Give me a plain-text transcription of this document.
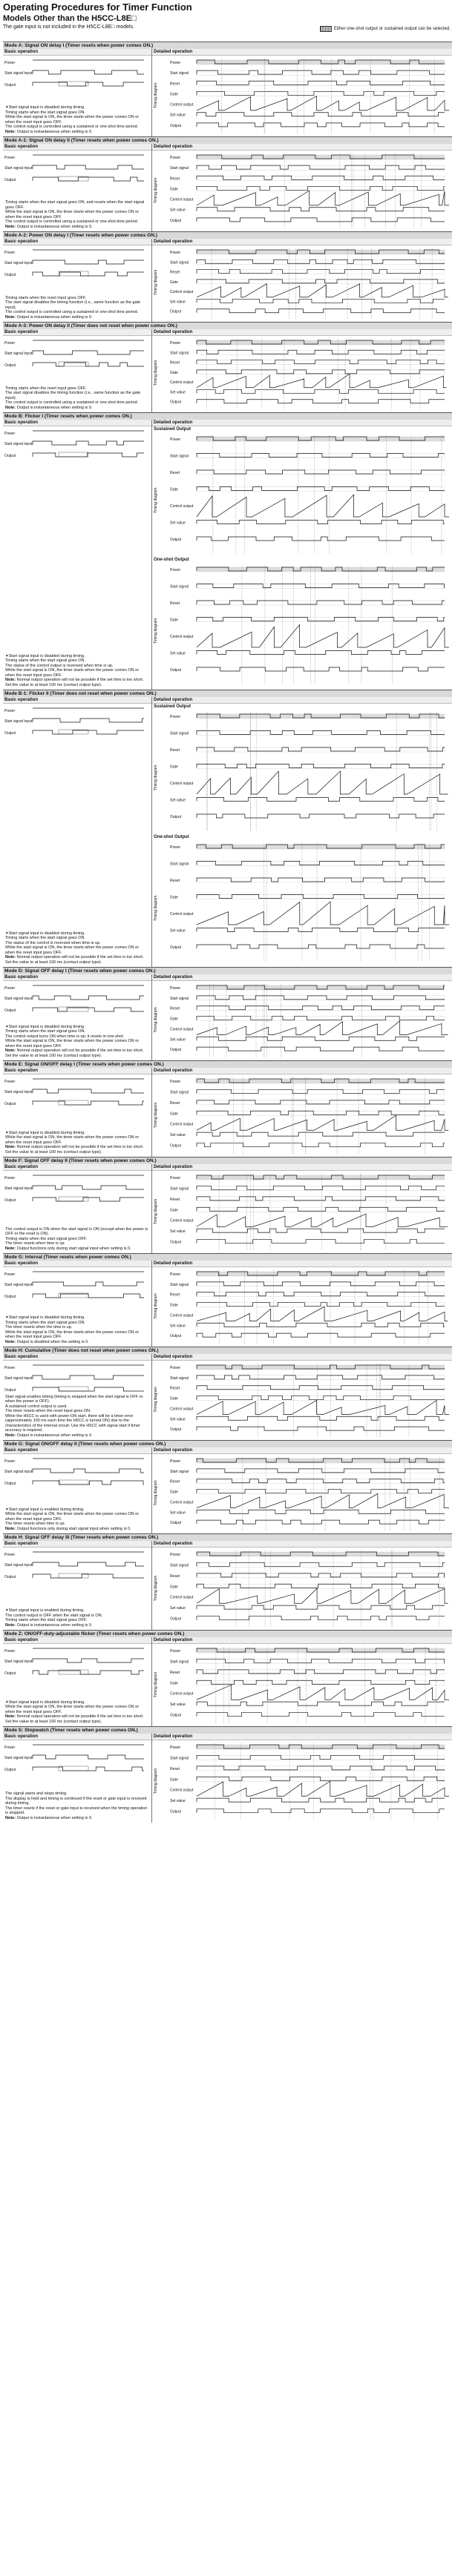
Operating Procedures for Timer Function
Models Other than the H5CC-L8E□
The gate input is not included in the H5CC-L8E□ models.	Either one-shot output or sustained output can be selected.
Mode A: Signal ON delay I (Timer resets when power comes ON.)
Basic operation
Power
Start signal input
Output
✦Start signal input is disabled during timing.
Timing starts when the start signal goes ON.
While the start signal is ON, the timer starts when the power comes ON or when the reset input goes OFF.
The control output is controlled using a sustained or one-shot time period.
Note: Output is instantaneous when setting is 0.
Detailed operation
Power
Start signal
Reset
Gate
Control output
Set value
Output
Timing diagram
Mode A-1: Signal ON delay II (Timer resets when power comes ON.)
Basic operation
Power
Start signal input
Output
Timing starts when the start signal goes ON, and resets when the start signal goes OFF.
While the start signal is ON, the timer starts when the power comes ON or when the reset input goes OFF.
The control output is controlled using a sustained or one-shot time period.
Note: Output is instantaneous when setting is 0.
Detailed operation
Power
Start signal
Reset
Gate
Control output
Set value
Output
Timing diagram
Mode A-2: Power ON delay I (Timer resets when power comes ON.)
Basic operation
Power
Start signal input
Output
Timing starts when the reset input goes OFF.
The start signal disables the timing function (i.e., same function as the gate input).
The control output is controlled using a sustained or one-shot time period.
Note: Output is instantaneous when setting is 0.
Detailed operation
Power
Start signal
Reset
Gate
Control output
Set value
Output
Timing diagram
Mode A-3: Power ON delay II (Timer does not reset when power comes ON.)
Basic operation
Power
Start signal input
Output
Timing starts when the reset input goes OFF.
The start signal disables the timing function (i.e., same function as the gate input).
The control output is controlled using a sustained or one-shot time period.
Note: Output is instantaneous when setting is 0.
Detailed operation
Power
Start signal
Reset
Gate
Control output
Set value
Output
Timing diagram
Mode B: Flicker I (Timer resets when power comes ON.)
Basic operation
Power
Start signal input
Output
✦Start signal input is disabled during timing.
Timing starts when the start signal goes ON.
The status of the control output is reversed when time is up.
While the start signal is ON, the timer starts when the power comes ON or when the reset input goes OFF.
Note: Normal output operation will not be possible if the set time is too short. Set the value to at least 100 ms (contact output type).
Detailed operation
Sustained Output
Power
Start signal
Reset
Gate
Control output
Set value
Output
Timing diagram
One-shot Output
Power
Start signal
Reset
Gate
Control output
Set value
Output
Timing diagram
Mode B-1: Flicker II (Timer does not reset when power comes ON.)
Basic operation
Power
Start signal input
Output
✦Start signal input is disabled during timing.
Timing starts when the start signal goes ON.
The status of the control is reversed when time is up.
While the start signal is ON, the timer starts when the power comes ON or when the reset input goes OFF.
Note: Normal output operation will not be possible if the set time is too short. Set the value to at least 100 ms (contact output type).
Detailed operation
Sustained Output
Power
Start signal
Reset
Gate
Control output
Set value
Output
Timing diagram
One-shot Output
Power
Start signal
Reset
Gate
Control output
Set value
Output
Timing diagram
Mode D: Signal OFF delay I (Timer resets when power comes ON.)
Basic operation
Power
Start signal input
Output
✦Start signal input is disabled during timing.
Timing starts when the start signal goes ON.
The control output turns ON when time is up; it resets in one-shot.
While the start signal is ON, the timer starts when the power comes ON or when the reset input goes OFF.
Note: Normal output operation will not be possible if the set time is too short. Set the value to at least 100 ms (contact output type).
Detailed operation
Power
Start signal
Reset
Gate
Control output
Set value
Output
Timing diagram
Mode E: Signal ON/OFF delay I (Timer resets when power comes ON.)
Basic operation
Power
Start signal input
Output
✦Start signal input is disabled during timing.
While the start signal is ON, the timer starts when the power comes ON or when the reset input goes OFF.
Note: Normal output operation will not be possible if the set time is too short. Set the value to at least 100 ms (contact output type).
Detailed operation
Power
Start signal
Reset
Gate
Control output
Set value
Output
Timing diagram
Mode F: Signal OFF delay II (Timer resets when power comes ON.)
Basic operation
Power
Start signal input
Output
The control output is ON when the start signal is ON (except when the power is OFF or the reset is ON).
Timing starts when the start signal goes OFF.
The timer resets when time is up.
Note: Output functions only during start signal input when setting is 0.
Detailed operation
Power
Start signal
Reset
Gate
Control output
Set value
Output
Timing diagram
Mode G: Interval (Timer resets when power comes ON.)
Basic operation
Power
Start signal input
Output
✦Start signal input is disabled during timing.
Timing starts when the start signal goes ON.
The timer resets when the time is up.
While the start signal is ON, the timer starts when the power comes ON or when the reset input goes OFF.
Note: Output is disabled when the setting is 0.
Detailed operation
Power
Start signal
Reset
Gate
Control output
Set value
Output
Timing diagram
Mode H: Cumulative (Timer does not reset when power comes ON.)
Basic operation
Power
Start signal input
Output
Start signal enables timing (timing is stopped when the start signal is OFF or when the power is OFF).
A sustained control output is used.
The timer resets when the reset input goes ON.
While the H5CC is used with power-ON start, there will be a timer error (approximately 100 ms each time the H5CC is turned ON) due to the characteristics of the internal circuit. Use the H5CC with signal start if timer accuracy is required.
Note: Output is instantaneous when setting is 0.
Detailed operation
Power
Start signal
Reset
Gate
Control output
Set value
Output
Timing diagram
Mode G: Signal ON/OFF delay II (Timer resets when power comes ON.)
Basic operation
Power
Start signal input
Output
✦Start signal input is enabled during timing.
While the start signal is ON, the timer starts when the power comes ON or when the reset input goes OFF.
The timer resets when time is up.
Note: Output functions only during start signal input when setting is 0.
Detailed operation
Power
Start signal
Reset
Gate
Control output
Set value
Output
Timing diagram
Mode H: Signal OFF delay III (Timer resets when power comes ON.)
Basic operation
Power
Start signal input
Output
✦Start signal input is enabled during timing.
The control output is OFF when the start signal is ON.
Timing starts when the start signal goes OFF.
Note: Output is instantaneous when setting is 0.
Detailed operation
Power
Start signal
Reset
Gate
Control output
Set value
Output
Timing diagram
Mode Z: ON/OFF-duty-adjustable flicker (Timer resets when power comes ON.)
Basic operation
Power
Start signal input
Output
✦Start signal input is disabled during timing.
While the start signal is ON, the timer starts when the power comes ON or when the reset input goes OFF.
Note: Normal output operation will not be possible if the set time is too short. Set the value to at least 100 ms (contact output type).
Detailed operation
Power
Start signal
Reset
Gate
Control output
Set value
Output
Timing diagram
Mode S: Stopwatch (Timer resets when power comes ON.)
Basic operation
Power
Start signal input
Output
The signal starts and stops timing.
The display is held and timing is continued if the reset or gate input is received during timing.
The timer resets if the reset or gate input is received when the timing operation is stopped.
Note: Output is instantaneous when setting is 0.
Detailed operation
Power
Start signal
Reset
Gate
Control output
Set value
Output
Timing diagram
